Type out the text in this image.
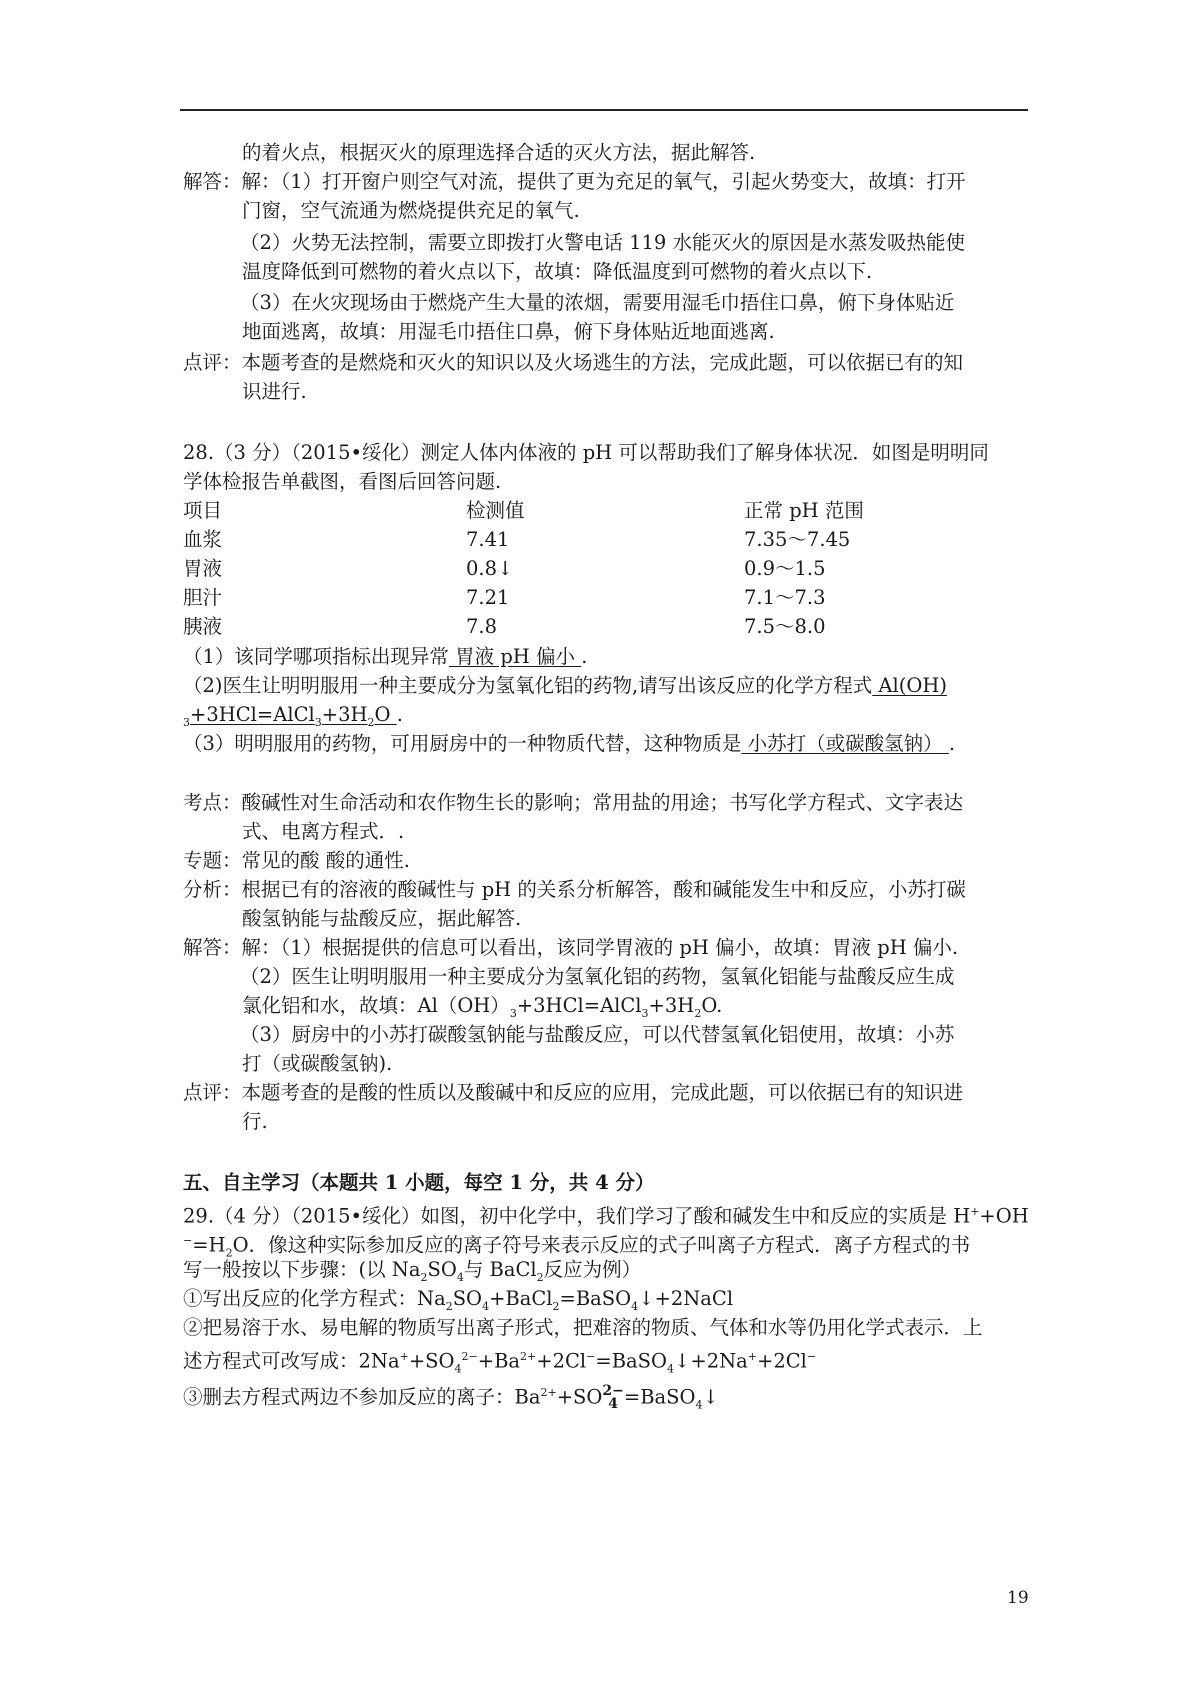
的着火点，根据灭火的原理选择合适的灭火方法，据此解答.
解答：解：（1）打开窗户则空气对流，提供了更为充足的氧气，引起火势变大，故填：打开
门窗，空气流通为燃烧提供充足的氧气.
（2）火势无法控制，需要立即拨打火警电话 119 水能灭火的原因是水蒸发吸热能使
温度降低到可燃物的着火点以下，故填：降低温度到可燃物的着火点以下.
（3）在火灾现场由于燃烧产生大量的浓烟，需要用湿毛巾捂住口鼻，俯下身体贴近
地面逃离，故填：用湿毛巾捂住口鼻，俯下身体贴近地面逃离.
点评：本题考查的是燃烧和灭火的知识以及火场逃生的方法，完成此题，可以依据已有的知
识进行.
28.（3 分）（2015•绥化）测定人体内体液的 pH 可以帮助我们了解身体状况．如图是明明同
学体检报告单截图，看图后回答问题.
项目	检测值	正常 pH 范围
血浆	7.41	7.35～7.45
胃液	0.8↓	0.9～1.5
胆汁	7.21	7.1～7.3
胰液	7.8	7.5～8.0
（1）该同学哪项指标出现异常 胃液 pH 偏小 .
（2)医生让明明服用一种主要成分为氢氧化铝的药物,请写出该反应的化学方程式 Al(OH)
$_3+3HCl=AlCl_3+3H_2O$ .
（3）明明服用的药物，可用厨房中的一种物质代替，这种物质是 小苏打（或碳酸氢钠） .
考点：酸碱性对生命活动和农作物生长的影响；常用盐的用途；书写化学方程式、文字表达
式、电离方程式．.
专题：常见的酸 酸的通性.
分析：根据已有的溶液的酸碱性与 pH 的关系分析解答，酸和碱能发生中和反应，小苏打碳
酸氢钠能与盐酸反应，据此解答.
解答：解：（1）根据提供的信息可以看出，该同学胃液的 pH 偏小，故填：胃液 pH 偏小.
（2）医生让明明服用一种主要成分为氢氧化铝的药物，氢氧化铝能与盐酸反应生成
氯化铝和水，故填：$Al(OH)_3+3HCl=AlCl_3+3H_2O$.
（3）厨房中的小苏打碳酸氢钠能与盐酸反应，可以代替氢氧化铝使用，故填：小苏
打（或碳酸氢钠).
点评：本题考查的是酸的性质以及酸碱中和反应的应用，完成此题，可以依据已有的知识进
行.
五、自主学习（本题共 1 小题，每空 1 分，共 4 分）
29.（4 分）（2015•绥化）如图，初中化学中，我们学习了酸和碱发生中和反应的实质是 H++OH
$^-=H_2O$．像这种实际参加反应的离子符号来表示反应的式子叫离子方程式．离子方程式的书
写一般按以下步骤：(以 $Na_2SO_4$与 BaCl$_2$反应为例）
①写出反应的化学方程式：$Na_2SO_4+BaCl_2=BaSO_4↓+2NaCl$
②把易溶于水、易电解的物质写出离子形式，把难溶的物质、气体和水等仍用化学式表示．上
述方程式可改写成：$2Na^++SO_4^{2-}+Ba^{2+}+2Cl^-=BaSO_4↓+2Na^++2Cl^-$
③删去方程式两边不参加反应的离子：$Ba^{2+}+SO2-$
4 =BaSO$_4$↓
19
